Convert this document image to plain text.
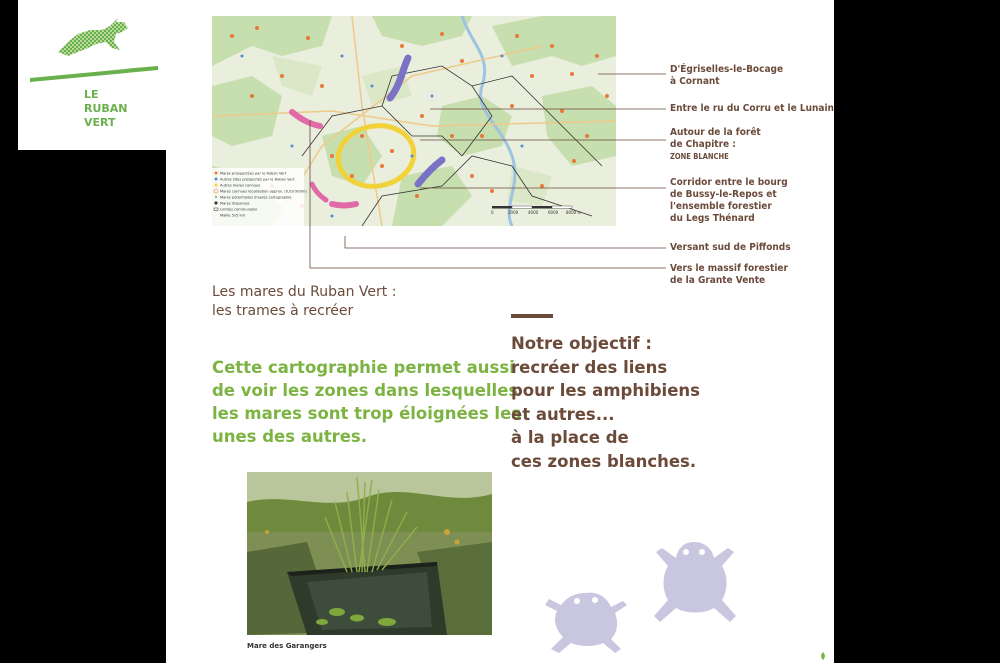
LE
RUBAN
VERT
Mares prospectées par le Ruban Vert
Autres sites prospectés par le Ruban Vert
Autres mares connues
Mares connues localisation approx. (0,03-500m)
Mares potentielles d'après cartographie
Mares disparues
Limites communales
Maille 5x5 km
0	2000 4000 6000 8000 m
D'Égriselles-le-Bocage
à Cornant
Entre le ru du Corru et le Lunain
Autour de la forêt
de Chapitre :
ZONE BLANCHE
Corridor entre le bourg
de Bussy-le-Repos et
l'ensemble forestier
du Legs Thénard
Versant sud de Piffonds
Vers le massif forestier
de la Grante Vente
Les mares du Ruban Vert :
les trames à recréer
Cette cartographie permet aussi
de voir les zones dans lesquelles
les mares sont trop éloignées les
unes des autres.
Notre objectif :
recréer des liens
pour les amphibiens
et autres...
à la place de
ces zones blanches.
Mare des Garangers
